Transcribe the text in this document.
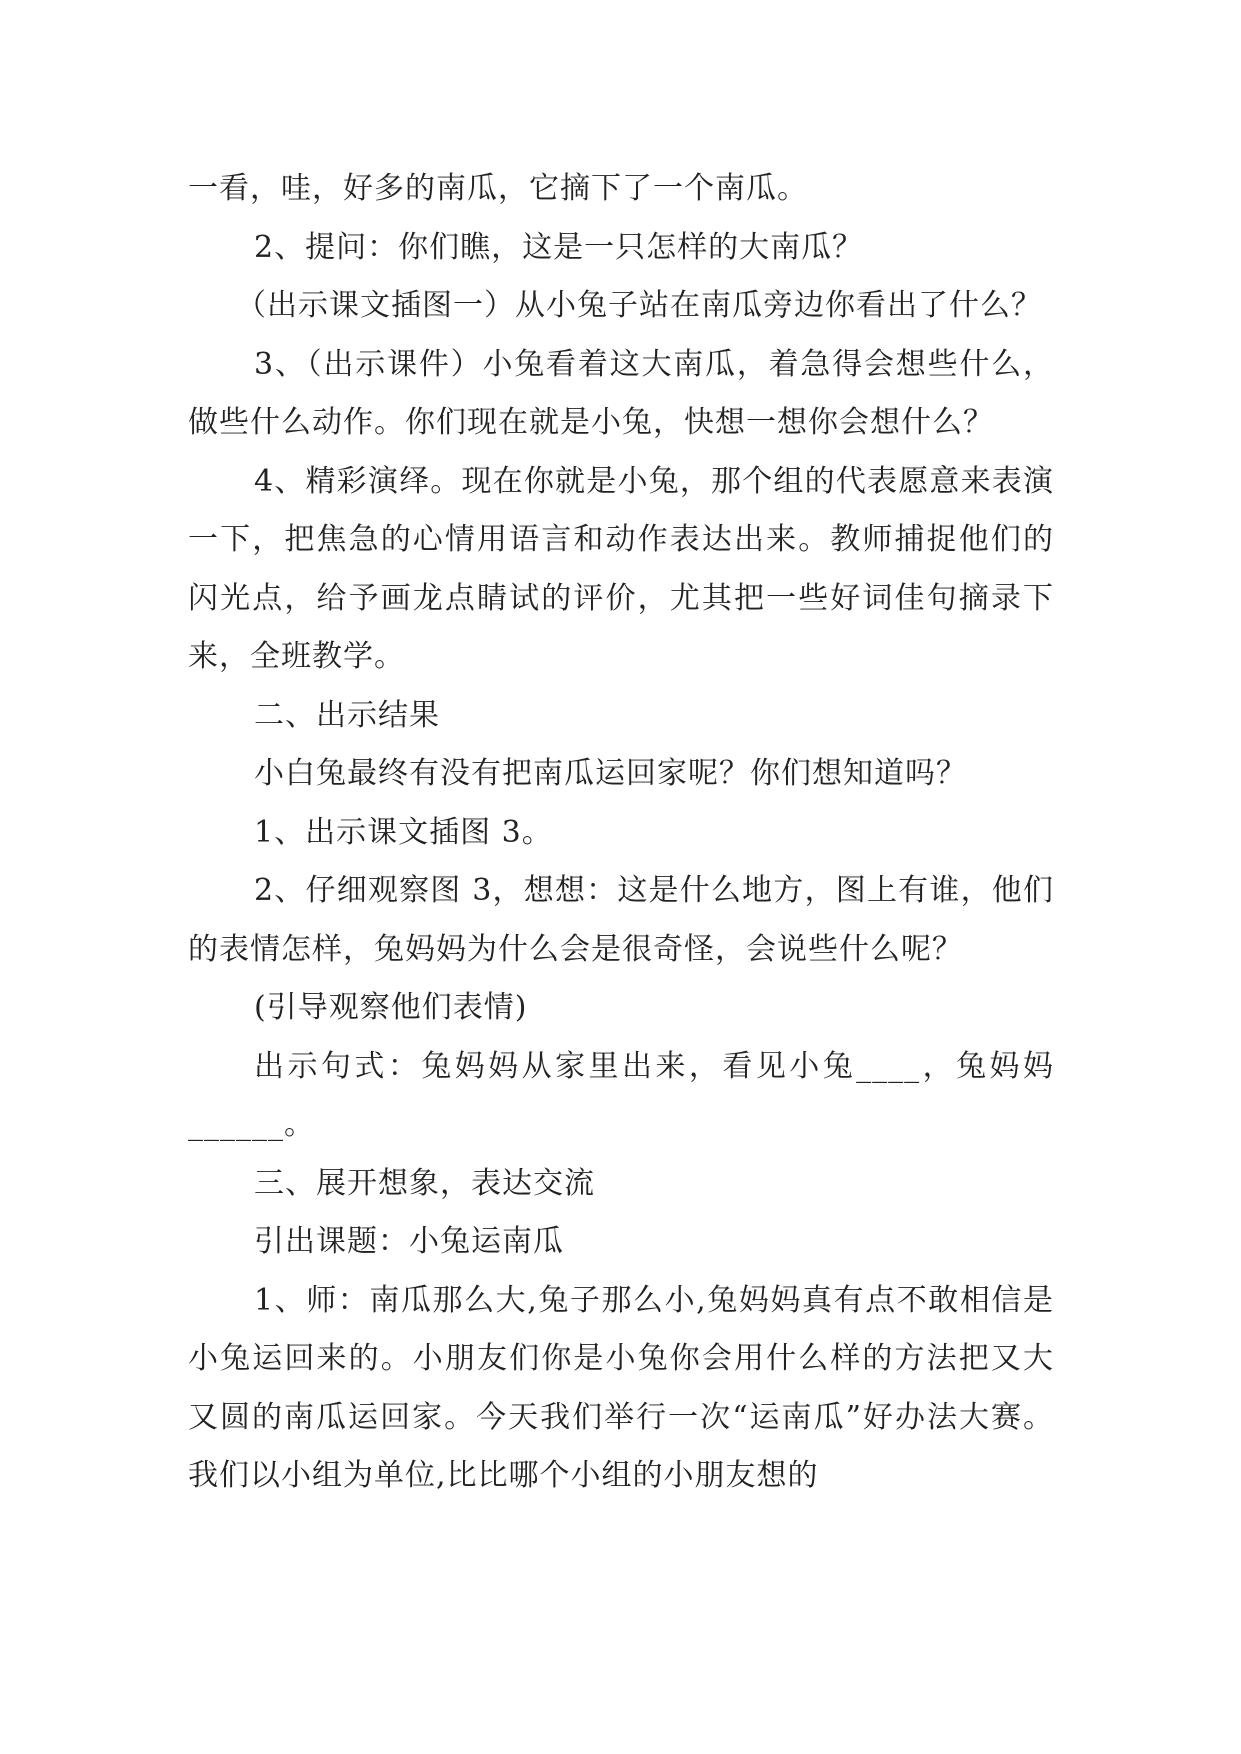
一看，哇，好多的南瓜，它摘下了一个南瓜。

2、提问：你们瞧，这是一只怎样的大南瓜？

（出示课文插图一）从小兔子站在南瓜旁边你看出了什么？

3、（出示课件）小兔看着这大南瓜，着急得会想些什么，做些什么动作。你们现在就是小兔，快想一想你会想什么？

4、精彩演绎。现在你就是小兔，那个组的代表愿意来表演一下，把焦急的心情用语言和动作表达出来。教师捕捉他们的闪光点，给予画龙点睛试的评价，尤其把一些好词佳句摘录下来，全班教学。

二、出示结果

小白兔最终有没有把南瓜运回家呢？你们想知道吗？

1、出示课文插图 3。

2、仔细观察图 3，想想：这是什么地方，图上有谁，他们的表情怎样，兔妈妈为什么会是很奇怪，会说些什么呢？

(引导观察他们表情)

出示句式：兔妈妈从家里出来，看见小兔____，兔妈妈______。

三、展开想象，表达交流

引出课题：小兔运南瓜

1、师：南瓜那么大,兔子那么小,兔妈妈真有点不敢相信是小兔运回来的。小朋友们你是小兔你会用什么样的方法把又大又圆的南瓜运回家。今天我们举行一次“运南瓜”好办法大赛。我们以小组为单位,比比哪个小组的小朋友想的
